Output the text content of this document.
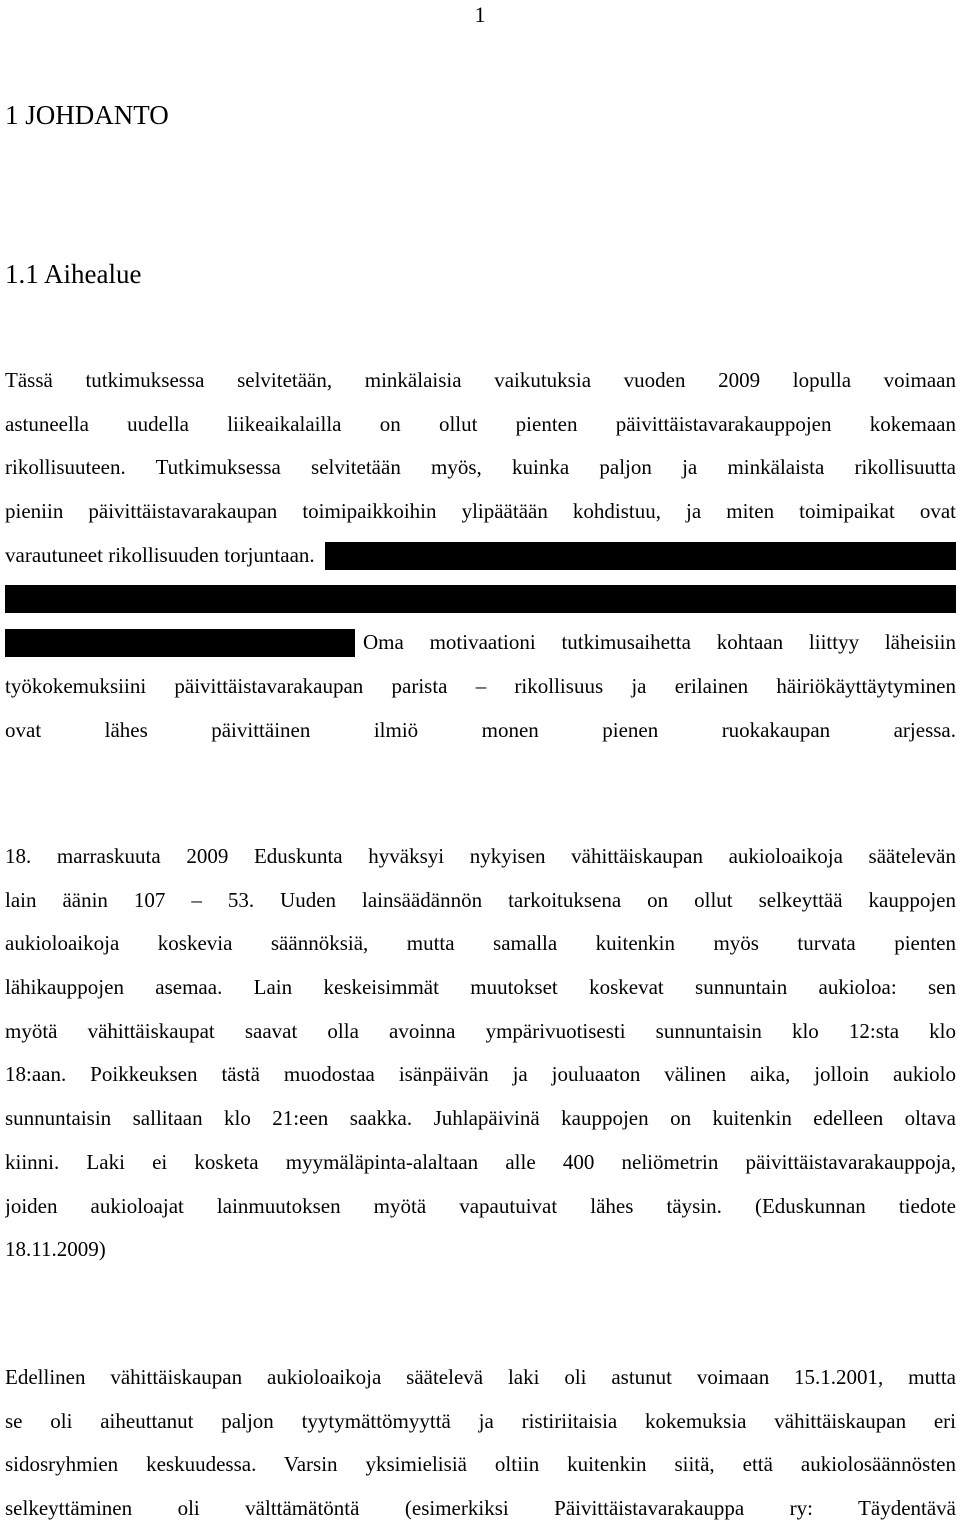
1
1 JOHDANTO
1.1 Aihealue
Tässä tutkimuksessa selvitetään, minkälaisia vaikutuksia vuoden 2009 lopulla voimaan
astuneella uudella liikeaikalailla on ollut pienten päivittäistavarakauppojen kokemaan
rikollisuuteen. Tutkimuksessa selvitetään myös, kuinka paljon ja minkälaista rikollisuutta
pieniin päivittäistavarakaupan toimipaikkoihin ylipäätään kohdistuu, ja miten toimipaikat ovat
varautuneet rikollisuuden torjuntaan.
Oma motivaationi tutkimusaihetta kohtaan liittyy läheisiin
työkokemuksiini päivittäistavarakaupan parista – rikollisuus ja erilainen häiriökäyttäytyminen
ovat lähes päivittäinen ilmiö monen pienen ruokakaupan arjessa.
18. marraskuuta 2009 Eduskunta hyväksyi nykyisen vähittäiskaupan aukioloaikoja säätelevän
lain äänin 107 – 53. Uuden lainsäädännön tarkoituksena on ollut selkeyttää kauppojen
aukioloaikoja koskevia säännöksiä, mutta samalla kuitenkin myös turvata pienten
lähikauppojen asemaa. Lain keskeisimmät muutokset koskevat sunnuntain aukioloa: sen
myötä vähittäiskaupat saavat olla avoinna ympärivuotisesti sunnuntaisin klo 12:sta klo
18:aan. Poikkeuksen tästä muodostaa isänpäivän ja jouluaaton välinen aika, jolloin aukiolo
sunnuntaisin sallitaan klo 21:een saakka. Juhlapäivinä kauppojen on kuitenkin edelleen oltava
kiinni. Laki ei kosketa myymäläpinta-alaltaan alle 400 neliömetrin päivittäistavarakauppoja,
joiden aukioloajat lainmuutoksen myötä vapautuivat lähes täysin. (Eduskunnan tiedote
18.11.2009)
Edellinen vähittäiskaupan aukioloaikoja säätelevä laki oli astunut voimaan 15.1.2001, mutta
se oli aiheuttanut paljon tyytymättömyyttä ja ristiriitaisia kokemuksia vähittäiskaupan eri
sidosryhmien keskuudessa. Varsin yksimielisiä oltiin kuitenkin siitä, että aukiolosäännösten
selkeyttäminen oli välttämätöntä (esimerkiksi Päivittäistavarakauppa ry: Täydentävä
